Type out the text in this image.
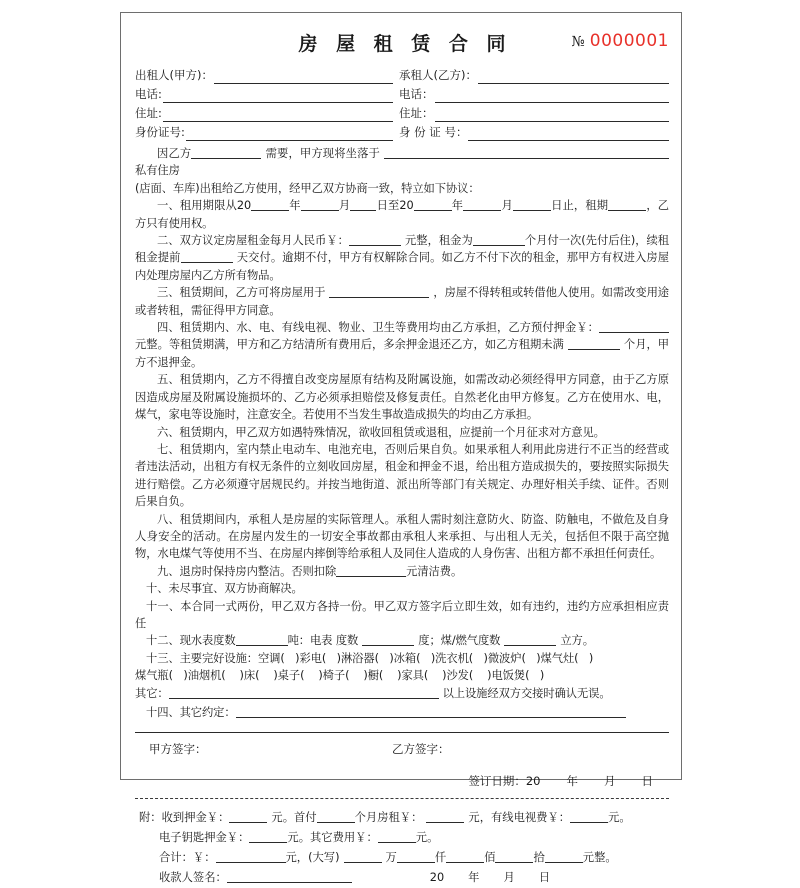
房 屋 租 赁 合 同	№ 0000001
出租人(甲方)：	承租人(乙方)：
电话:	电话：
住址:	住址：
身份证号:	身 份 证 号：

因乙方	需要，甲方现将坐落于私有住房

(店面、车库)出租给乙方使用，经甲乙双方协商一致，特立如下协议：

一、租用期限从20	年	月 日至20	年	月	日止，租期	，乙方只有使用权。

二、双方议定房屋租金每月人民币￥：	元整，租金为	个月付一次(先付后住)，续租租金提前	天交付。逾期不付，甲方有权解除合同。如乙方不付下次的租金，那甲方有权进入房屋内处理房屋内乙方所有物品。

三、租赁期间，乙方可将房屋用于	，房屋不得转租或转借他人使用。如需改变用途或者转租，需征得甲方同意。

四、租赁期内、水、电、有线电视、物业、卫生等费用均由乙方承担，乙方预付押金￥：元整。等租赁期满，甲方和乙方结清所有费用后，多余押金退还乙方，如乙方租期未满	个月，甲方不退押金。

五、租赁期内，乙方不得擅自改变房屋原有结构及附属设施，如需改动必须经得甲方同意，由于乙方原因造成房屋及附属设施损坏的、乙方必须承担赔偿及修复责任。自然老化由甲方修复。乙方在使用水、电，煤气，家电等设施时，注意安全。若使用不当发生事故造成损失的均由乙方承担。

六、租赁期内，甲乙双方如遇特殊情况，欲收回租赁或退租，应提前一个月征求对方意见。

七、租赁期内，室内禁止电动车、电池充电，否则后果自负。如果承租人利用此房进行不正当的经营或者违法活动，出租方有权无条件的立刻收回房屋，租金和押金不退，给出租方造成损失的，要按照实际损失进行赔偿。乙方必须遵守居规民约。并按当地街道、派出所等部门有关规定、办理好相关手续、证件。否则后果自负。

八、租赁期间内，承租人是房屋的实际管理人。承租人需时刻注意防火、防盗、防触电，不做危及自身人身安全的活动。在房屋内发生的一切安全事故都由承租人来承担、与出租人无关，包括但不限于高空抛物，水电煤气等使用不当、在房屋内摔倒等给承租人及同住人造成的人身伤害、出租方都不承担任何责任。

九、退房时保持房内整洁。否则扣除	元清洁费。

十、未尽事宜、双方协商解决。

十一、本合同一式两份，甲乙双方各持一份。甲乙双方签字后立即生效，如有违约，违约方应承担相应责任

十二、现水表度数	吨：电表 度数	度；煤/燃气度数	立方。

十三、主要完好设施：空调(   )彩电(   )淋浴器(   )冰箱(   )洗衣机(   )微波炉(   )煤气灶(   )

煤气瓶(   )油烟机(    )床(    )桌子(    )椅子(    )橱(    )家具(    )沙发(    )电饭煲(   )

其它：	以上设施经双方交接时确认无误。

十四、其它约定：

甲方签字：	乙方签字：
签订日期：20 年 月 日
附：收到押金￥：	元。首付	个月房租￥：	元，有线电视费￥：	元。
电子钥匙押金￥：	元。其它费用￥：	元。
合计：￥：	元，(大写)	万	仟	佰	拾	元整。
收款人签名：	20 年 月 日
